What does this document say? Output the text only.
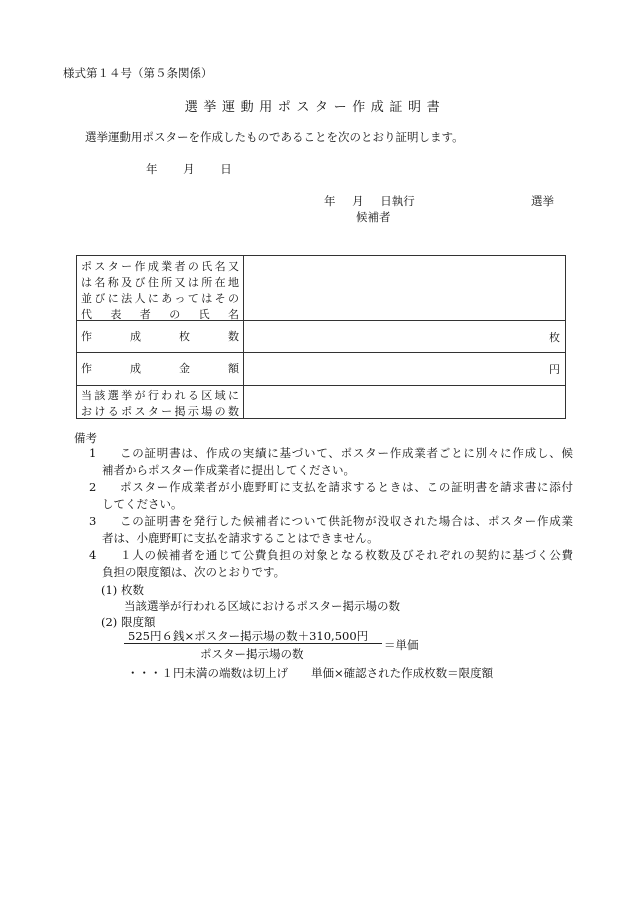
様式第１４号（第５条関係）
選挙運動用ポスター作成証明書
選挙運動用ポスターを作成したものであることを次のとおり証明します。
年 月 日
年 月 日執行	選挙
候補者
ポスター作成業者の氏名又
は名称及び住所又は所在地
並びに法人にあってはその
代表者の氏名
作成枚数	枚
作成金額	円
当該選挙が行われる区域に
おけるポスター掲示場の数
備考
1	この証明書は、作成の実績に基づいて、ポスター作成業者ごとに別々に作成し、候
補者からポスター作成業者に提出してください。
2	ポスター作成業者が小鹿野町に支払を請求するときは、この証明書を請求書に添付
してください。
3	この証明書を発行した候補者について供託物が没収された場合は、ポスター作成業
者は、小鹿野町に支払を請求することはできません。
4	１人の候補者を通じて公費負担の対象となる枚数及びそれぞれの契約に基づく公費
負担の限度額は、次のとおりです。
(1) 枚数
当該選挙が行われる区域におけるポスター掲示場の数
(2) 限度額
525円６銭×ポスター掲示場の数＋310,500円
ポスター掲示場の数
＝単価
・・・１円未満の端数は切上げ　　単価×確認された作成枚数＝限度額
